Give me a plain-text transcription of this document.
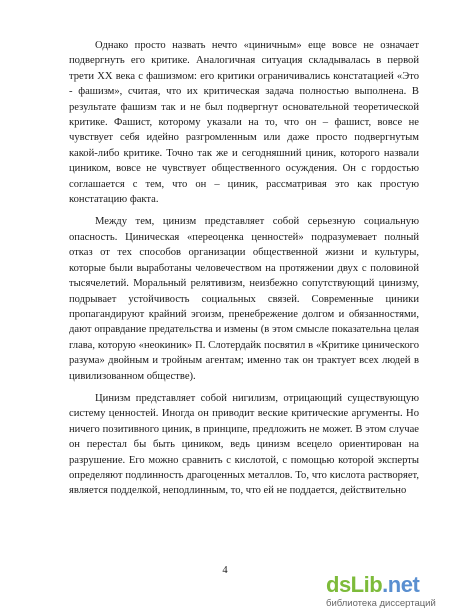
Однако просто назвать нечто «циничным» еще вовсе не означает подвергнуть его критике. Аналогичная ситуация складывалась в первой трети XX века с фашизмом: его критики ограничивались констатацией «Это - фашизм», считая, что их критическая задача полностью выполнена. В результате фашизм так и не был подвергнут основательной теоретической критике. Фашист, которому указали на то, что он – фашист, вовсе не чувствует себя идейно разгромленным или даже просто подвергнутым какой-либо критике. Точно так же и сегодняшний циник, которого назвали циником, вовсе не чувствует общественного осуждения. Он с гордостью соглашается с тем, что он – циник, рассматривая это как простую констатацию факта.

Между тем, цинизм представляет собой серьезную социальную опасность. Циническая «переоценка ценностей» подразумевает полный отказ от тех способов организации общественной жизни и культуры, которые были выработаны человечеством на протяжении двух с половиной тысячелетий. Моральный релятивизм, неизбежно сопутствующий цинизму, подрывает устойчивость социальных связей. Современные циники пропагандируют крайний эгоизм, пренебрежение долгом и обязанностями, дают оправдание предательства и измены (в этом смысле показательна целая глава, которую «неокиник» П. Слотердайк посвятил в «Критике цинического разума» двойным и тройным агентам; именно так он трактует всех людей в цивилизованном обществе).

Цинизм представляет собой нигилизм, отрицающий существующую систему ценностей. Иногда он приводит веские критические аргументы. Но ничего позитивного циник, в принципе, предложить не может. В этом случае он перестал бы быть циником, ведь цинизм всецело ориентирован на разрушение. Его можно сравнить с кислотой, с помощью которой эксперты определяют подлинность драгоценных металлов. То, что кислота растворяет, является подделкой, неподлинным, то, что ей не поддается, действительно

4
dsLib.net
библиотека диссертаций
